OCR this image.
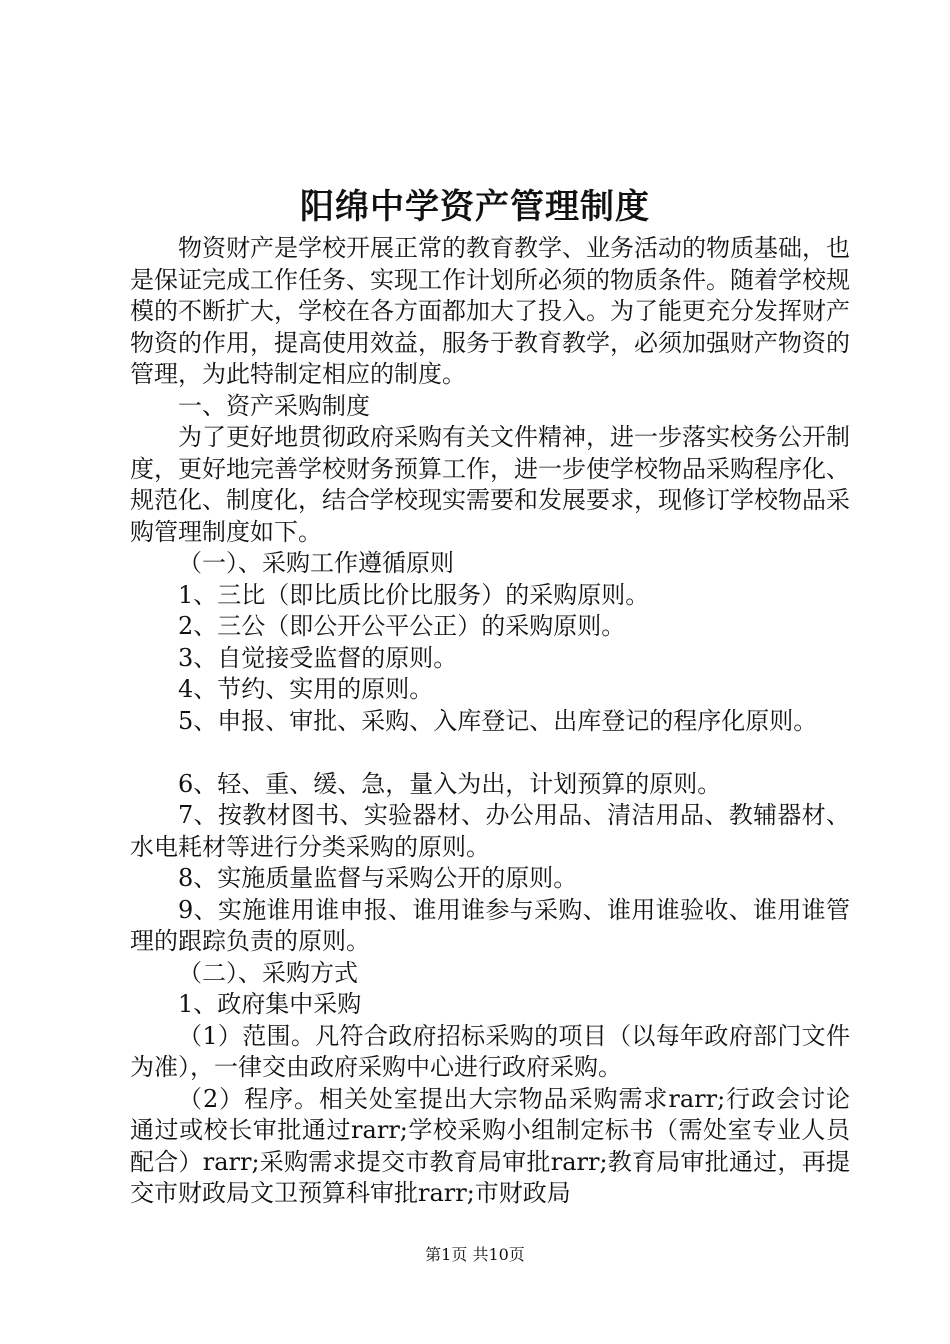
阳绵中学资产管理制度

物资财产是学校开展正常的教育教学、业务活动的物质基础，也是保证完成工作任务、实现工作计划所必须的物质条件。随着学校规模的不断扩大，学校在各方面都加大了投入。为了能更充分发挥财产物资的作用，提高使用效益，服务于教育教学，必须加强财产物资的管理，为此特制定相应的制度。

一、资产采购制度

为了更好地贯彻政府采购有关文件精神，进一步落实校务公开制度，更好地完善学校财务预算工作，进一步使学校物品采购程序化、规范化、制度化，结合学校现实需要和发展要求，现修订学校物品采购管理制度如下。

（一）、采购工作遵循原则

1、三比（即比质比价比服务）的采购原则。

2、三公（即公开公平公正）的采购原则。

3、自觉接受监督的原则。

4、节约、实用的原则。

5、申报、审批、采购、入库登记、出库登记的程序化原则。

6、轻、重、缓、急，量入为出，计划预算的原则。

7、按教材图书、实验器材、办公用品、清洁用品、教辅器材、水电耗材等进行分类采购的原则。

8、实施质量监督与采购公开的原则。

9、实施谁用谁申报、谁用谁参与采购、谁用谁验收、谁用谁管理的跟踪负责的原则。

（二）、采购方式

1、政府集中采购

（1）范围。凡符合政府招标采购的项目（以每年政府部门文件为准），一律交由政府采购中心进行政府采购。

（2）程序。相关处室提出大宗物品采购需求rarr;行政会讨论通过或校长审批通过rarr;学校采购小组制定标书（需处室专业人员配合）rarr;采购需求提交市教育局审批rarr;教育局审批通过，再提交市财政局文卫预算科审批rarr;市财政局

第1页 共10页
